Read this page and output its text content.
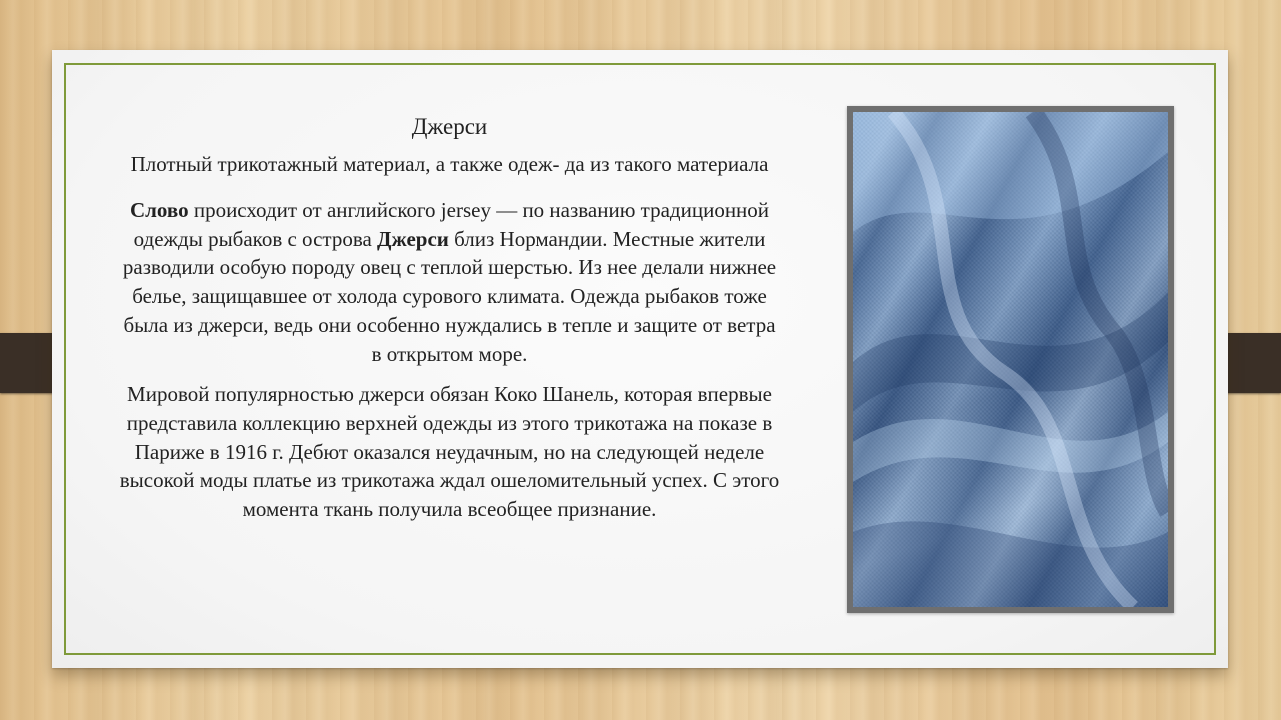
Джерси

Плотный трикотажный материал, а также одеж- да из такого материала

Слово происходит от английского jersey — по названию традиционной одежды рыбаков с острова Джерси близ Нормандии. Местные жители разводили особую породу овец с теплой шерстью. Из нее делали нижнее белье, защищавшее от холода сурового климата. Одежда рыбаков тоже была из джерси, ведь они особенно нуждались в тепле и защите от ветра в открытом море.

Мировой популярностью джерси обязан Коко Шанель, которая впервые представила коллекцию верхней одежды из этого трикотажа на показе в Париже в 1916 г. Дебют оказался неудачным, но на следующей неделе высокой моды платье из трикотажа ждал ошеломительный успех. С этого момента ткань получила всеобщее признание.
